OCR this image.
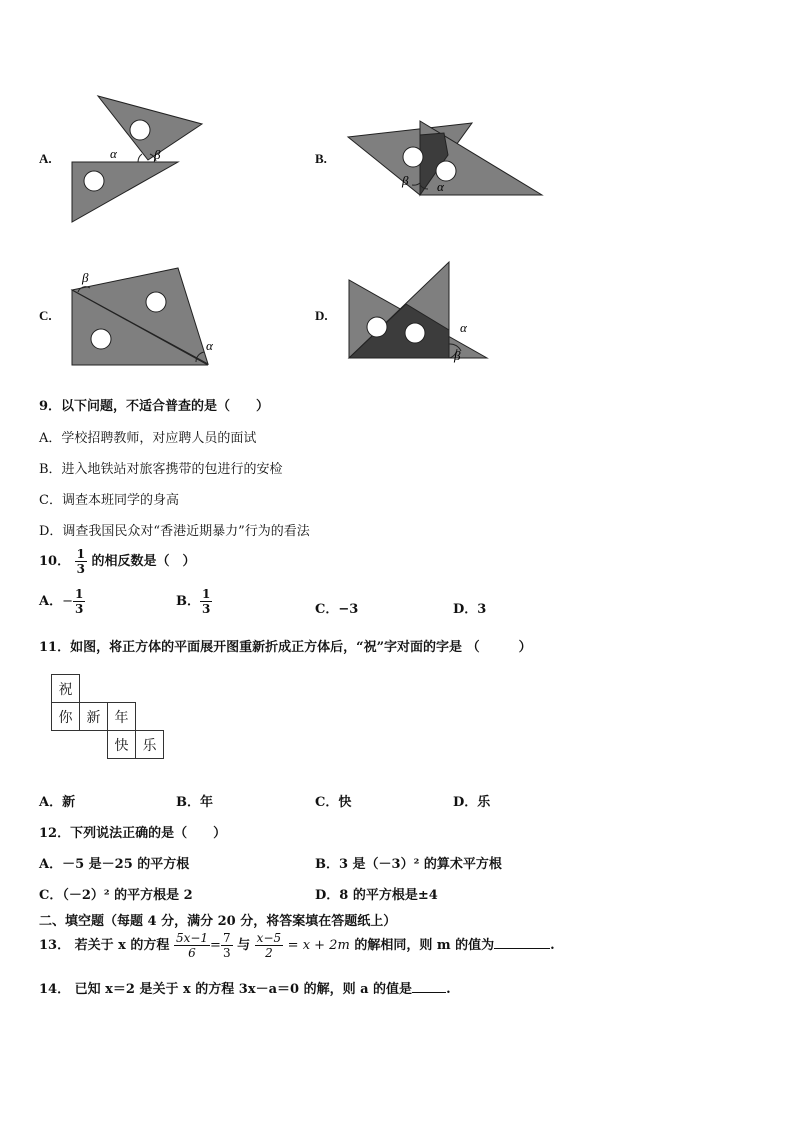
A.	α	β	B.
β α
C.
β
α
D.
α
β
9．以下问题，不适合普查的是（　　）
A．学校招聘教师，对应聘人员的面试
B．进入地铁站对旅客携带的包进行的安检
C．调查本班同学的身高
D．调查我国民众对“香港近期暴力”行为的看法
10． $\frac{1}{3}$ 的相反数是（　）
A．− $\frac{1}{3}$	B． $\frac{1}{3}$	C．−3	D．3
11．如图，将正方体的平面展开图重新折成正方体后，“祝”字对面的字是 （　　　）
祝			
你	新	年	
		快	乐
A．新	B．年	C．快	D．乐
12．下列说法正确的是（　　）
A．－5 是－25 的平方根	B．3 是（－3）² 的算术平方根
C．（－2）² 的平方根是 2	D．8 的平方根是±4
二、填空题（每题 4 分，满分 20 分，将答案填在答题纸上）
13． 若关于 x 的方程 $\frac{5x-1}{6} = \frac{7}{3}$ 与 $\frac{x-5}{2} = x + 2m$ 的解相同，则 m 的值为	.
14． 已知 x＝2 是关于 x 的方程 3x－a＝0 的解，则 a 的值是	.
